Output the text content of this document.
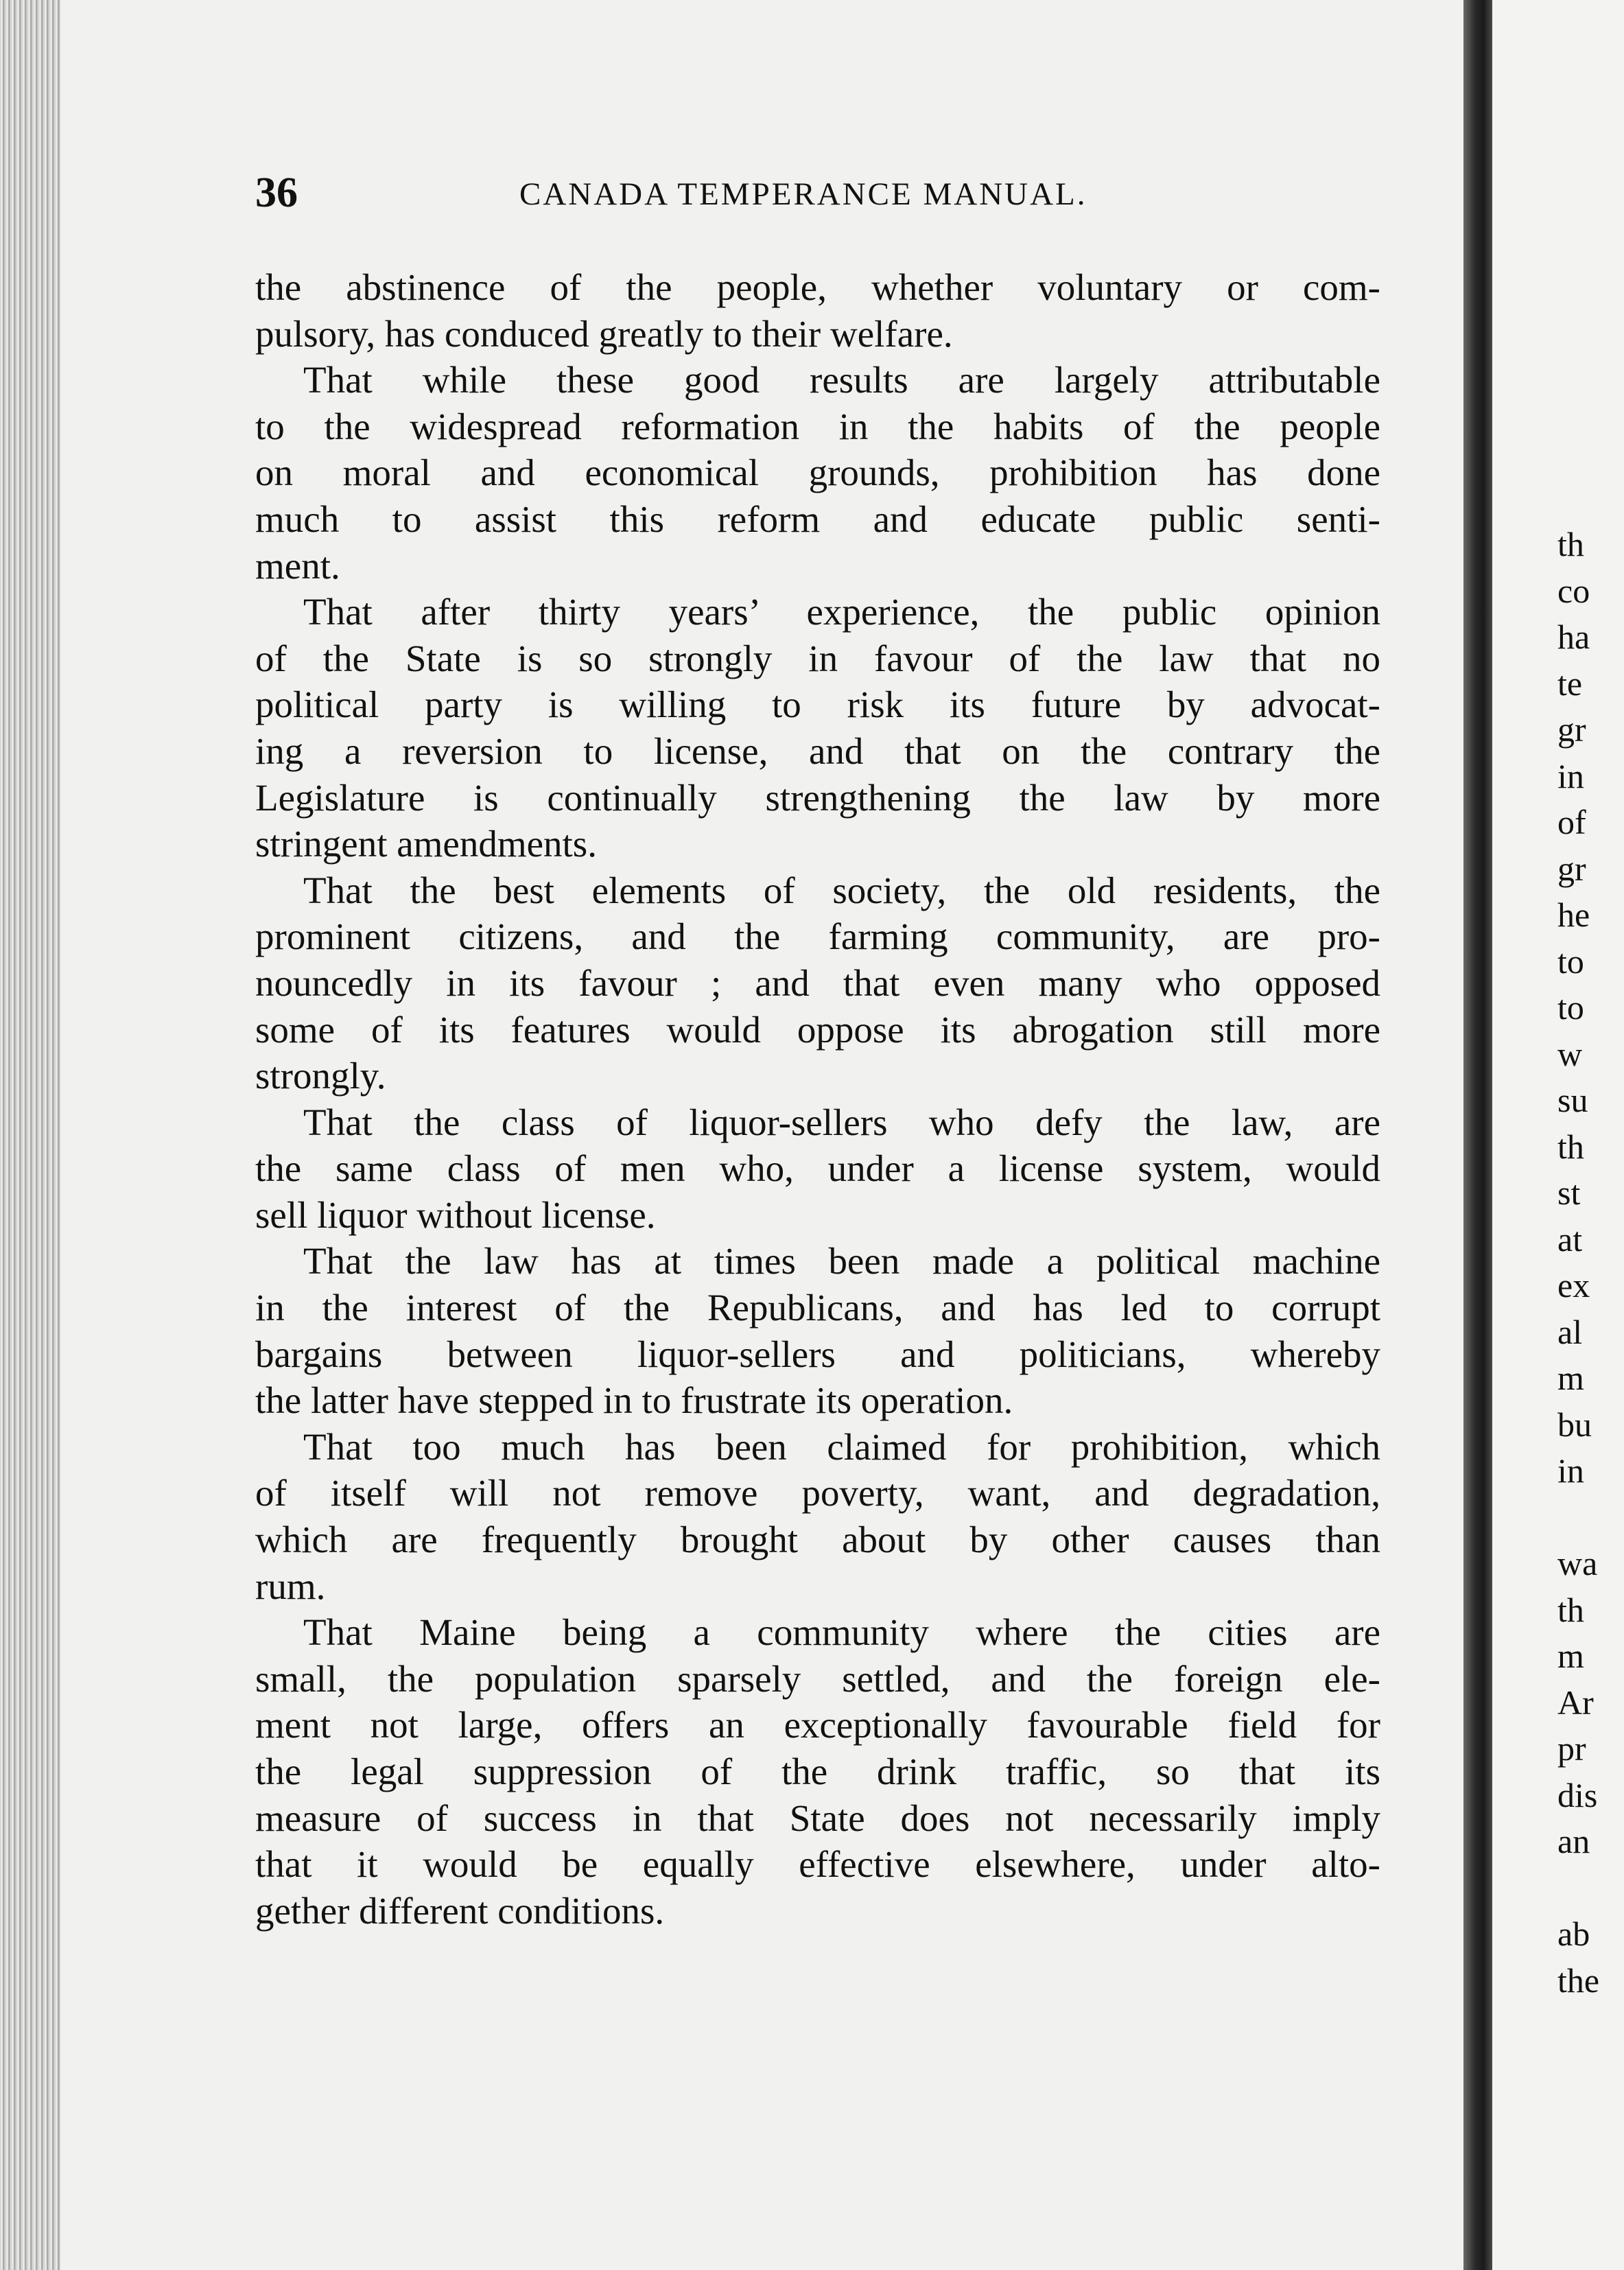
th
co
ha
te
gr
in
of
gr
he
to
to
w
su
th
st
at
ex
al
m
bu
in
wa
th
m
Ar
pr
dis
an
ab
the
36	CANADA TEMPERANCE MANUAL.
the abstinence of the people, whether voluntary or com-
pulsory, has conduced greatly to their welfare.
That while these good results are largely attributable
to the widespread reformation in the habits of the people
on moral and economical grounds, prohibition has done
much to assist this reform and educate public senti-
ment.
That after thirty years’ experience, the public opinion
of the State is so strongly in favour of the law that no
political party is willing to risk its future by advocat-
ing a reversion to license, and that on the contrary the
Legislature is continually strengthening the law by more
stringent amendments.
That the best elements of society, the old residents, the
prominent citizens, and the farming community, are pro-
nouncedly in its favour ; and that even many who opposed
some of its features would oppose its abrogation still more
strongly.
That the class of liquor-sellers who defy the law, are
the same class of men who, under a license system, would
sell liquor without license.
That the law has at times been made a political machine
in the interest of the Republicans, and has led to corrupt
bargains between liquor-sellers and politicians, whereby
the latter have stepped in to frustrate its operation.
That too much has been claimed for prohibition, which
of itself will not remove poverty, want, and degradation,
which are frequently brought about by other causes than
rum.
That Maine being a community where the cities are
small, the population sparsely settled, and the foreign ele-
ment not large, offers an exceptionally favourable field for
the legal suppression of the drink traffic, so that its
measure of success in that State does not necessarily imply
that it would be equally effective elsewhere, under alto-
gether different conditions.
